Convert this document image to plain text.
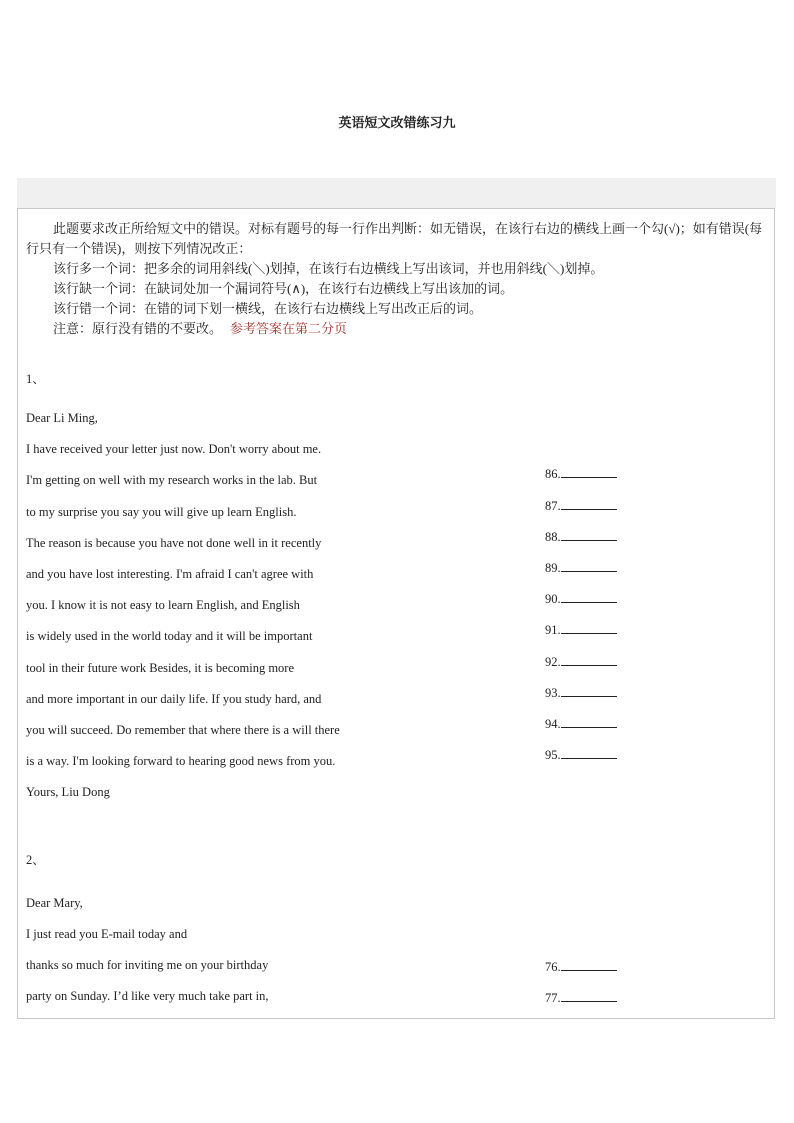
英语短文改错练习九

此题要求改正所给短文中的错误。对标有题号的每一行作出判断：如无错误，在该行右边的横线上画一个勾(√)；如有错误(每行只有一个错误)，则按下列情况改正：

该行多一个词：把多余的词用斜线(＼)划掉，在该行右边横线上写出该词，并也用斜线(＼)划掉。

该行缺一个词：在缺词处加一个漏词符号(∧)，在该行右边横线上写出该加的词。

该行错一个词：在错的词下划一横线，在该行右边横线上写出改正后的词。

注意：原行没有错的不要改。 参考答案在第二分页

1、
Dear Li Ming,
I have received your letter just now. Don't worry about me.
I'm getting on well with my research works in the lab. But
to my surprise you say you will give up learn English.
The reason is because you have not done well in it recently
and you have lost interesting. I'm afraid I can't agree with
you. I know it is not easy to learn English, and English
is widely used in the world today and it will be important
tool in their future work Besides, it is becoming more
and more important in our daily life. If you study hard, and
you will succeed. Do remember that where there is a will there
is a way. I'm looking forward to hearing good news from you.
Yours, Liu Dong
86.
87.
88.
89.
90.
91.
92.
93.
94.
95.
2、
Dear Mary,
I just read you E-mail today and
thanks so much for inviting me on your birthday
party on Sunday. I’d like very much take part in,
76.
77.
